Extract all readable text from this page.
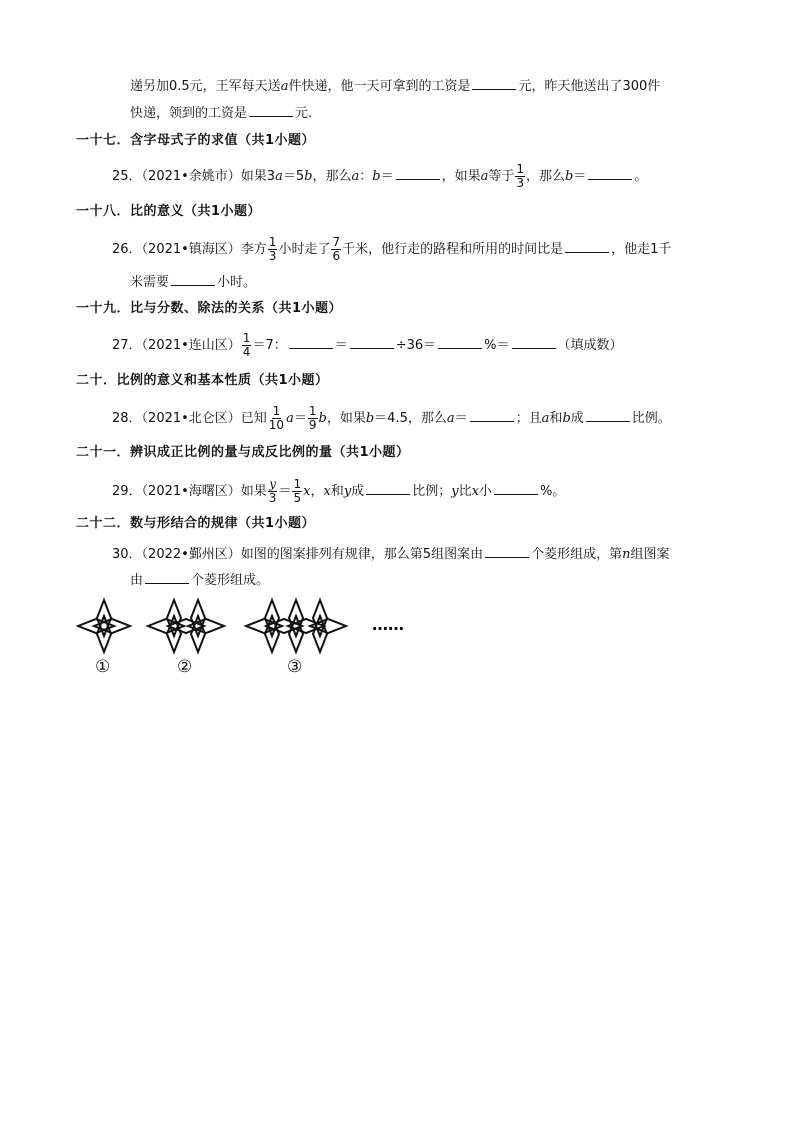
递另加0.5元，王军每天送a件快递，他一天可拿到的工资是	元，昨天他送出了300件
快递，领到的工资是	元．
一十七．含字母式子的求值（共1小题）
25．（2021•余姚市）如果3a＝5b，那么a：b＝	，如果a等于 $\frac{1}{3}$ ，那么b＝	。
一十八．比的意义（共1小题）
26．（2021•镇海区）李方 $\frac{1}{3}$ 小时走了 $\frac{7}{6}$ 千米，他行走的路程和所用的时间比是	，他走1千
米需要	小时。
一十九．比与分数、除法的关系（共1小题）
27．（2021•连山区） $\frac{1}{4} =7$：	＝	÷36＝	%＝	（填成数）
二十．比例的意义和基本性质（共1小题）
28．（2021•北仑区）已知 $\frac{1}{10} a= \frac{1}{9}$ b，如果b＝4.5，那么a＝	；且a和b成	比例。
二十一．辨识成正比例的量与成反比例的量（共1小题）
29．（2021•海曙区）如果 $\frac{y}{3} = \frac{1}{5}$ x，x和y成	比例；y比x小	%。
二十二．数与形结合的规律（共1小题）
30．（2022•鄞州区）如图的图案排列有规律，那么第5组图案由	个菱形组成，第n组图案
由	个菱形组成。
……
①	②	③
